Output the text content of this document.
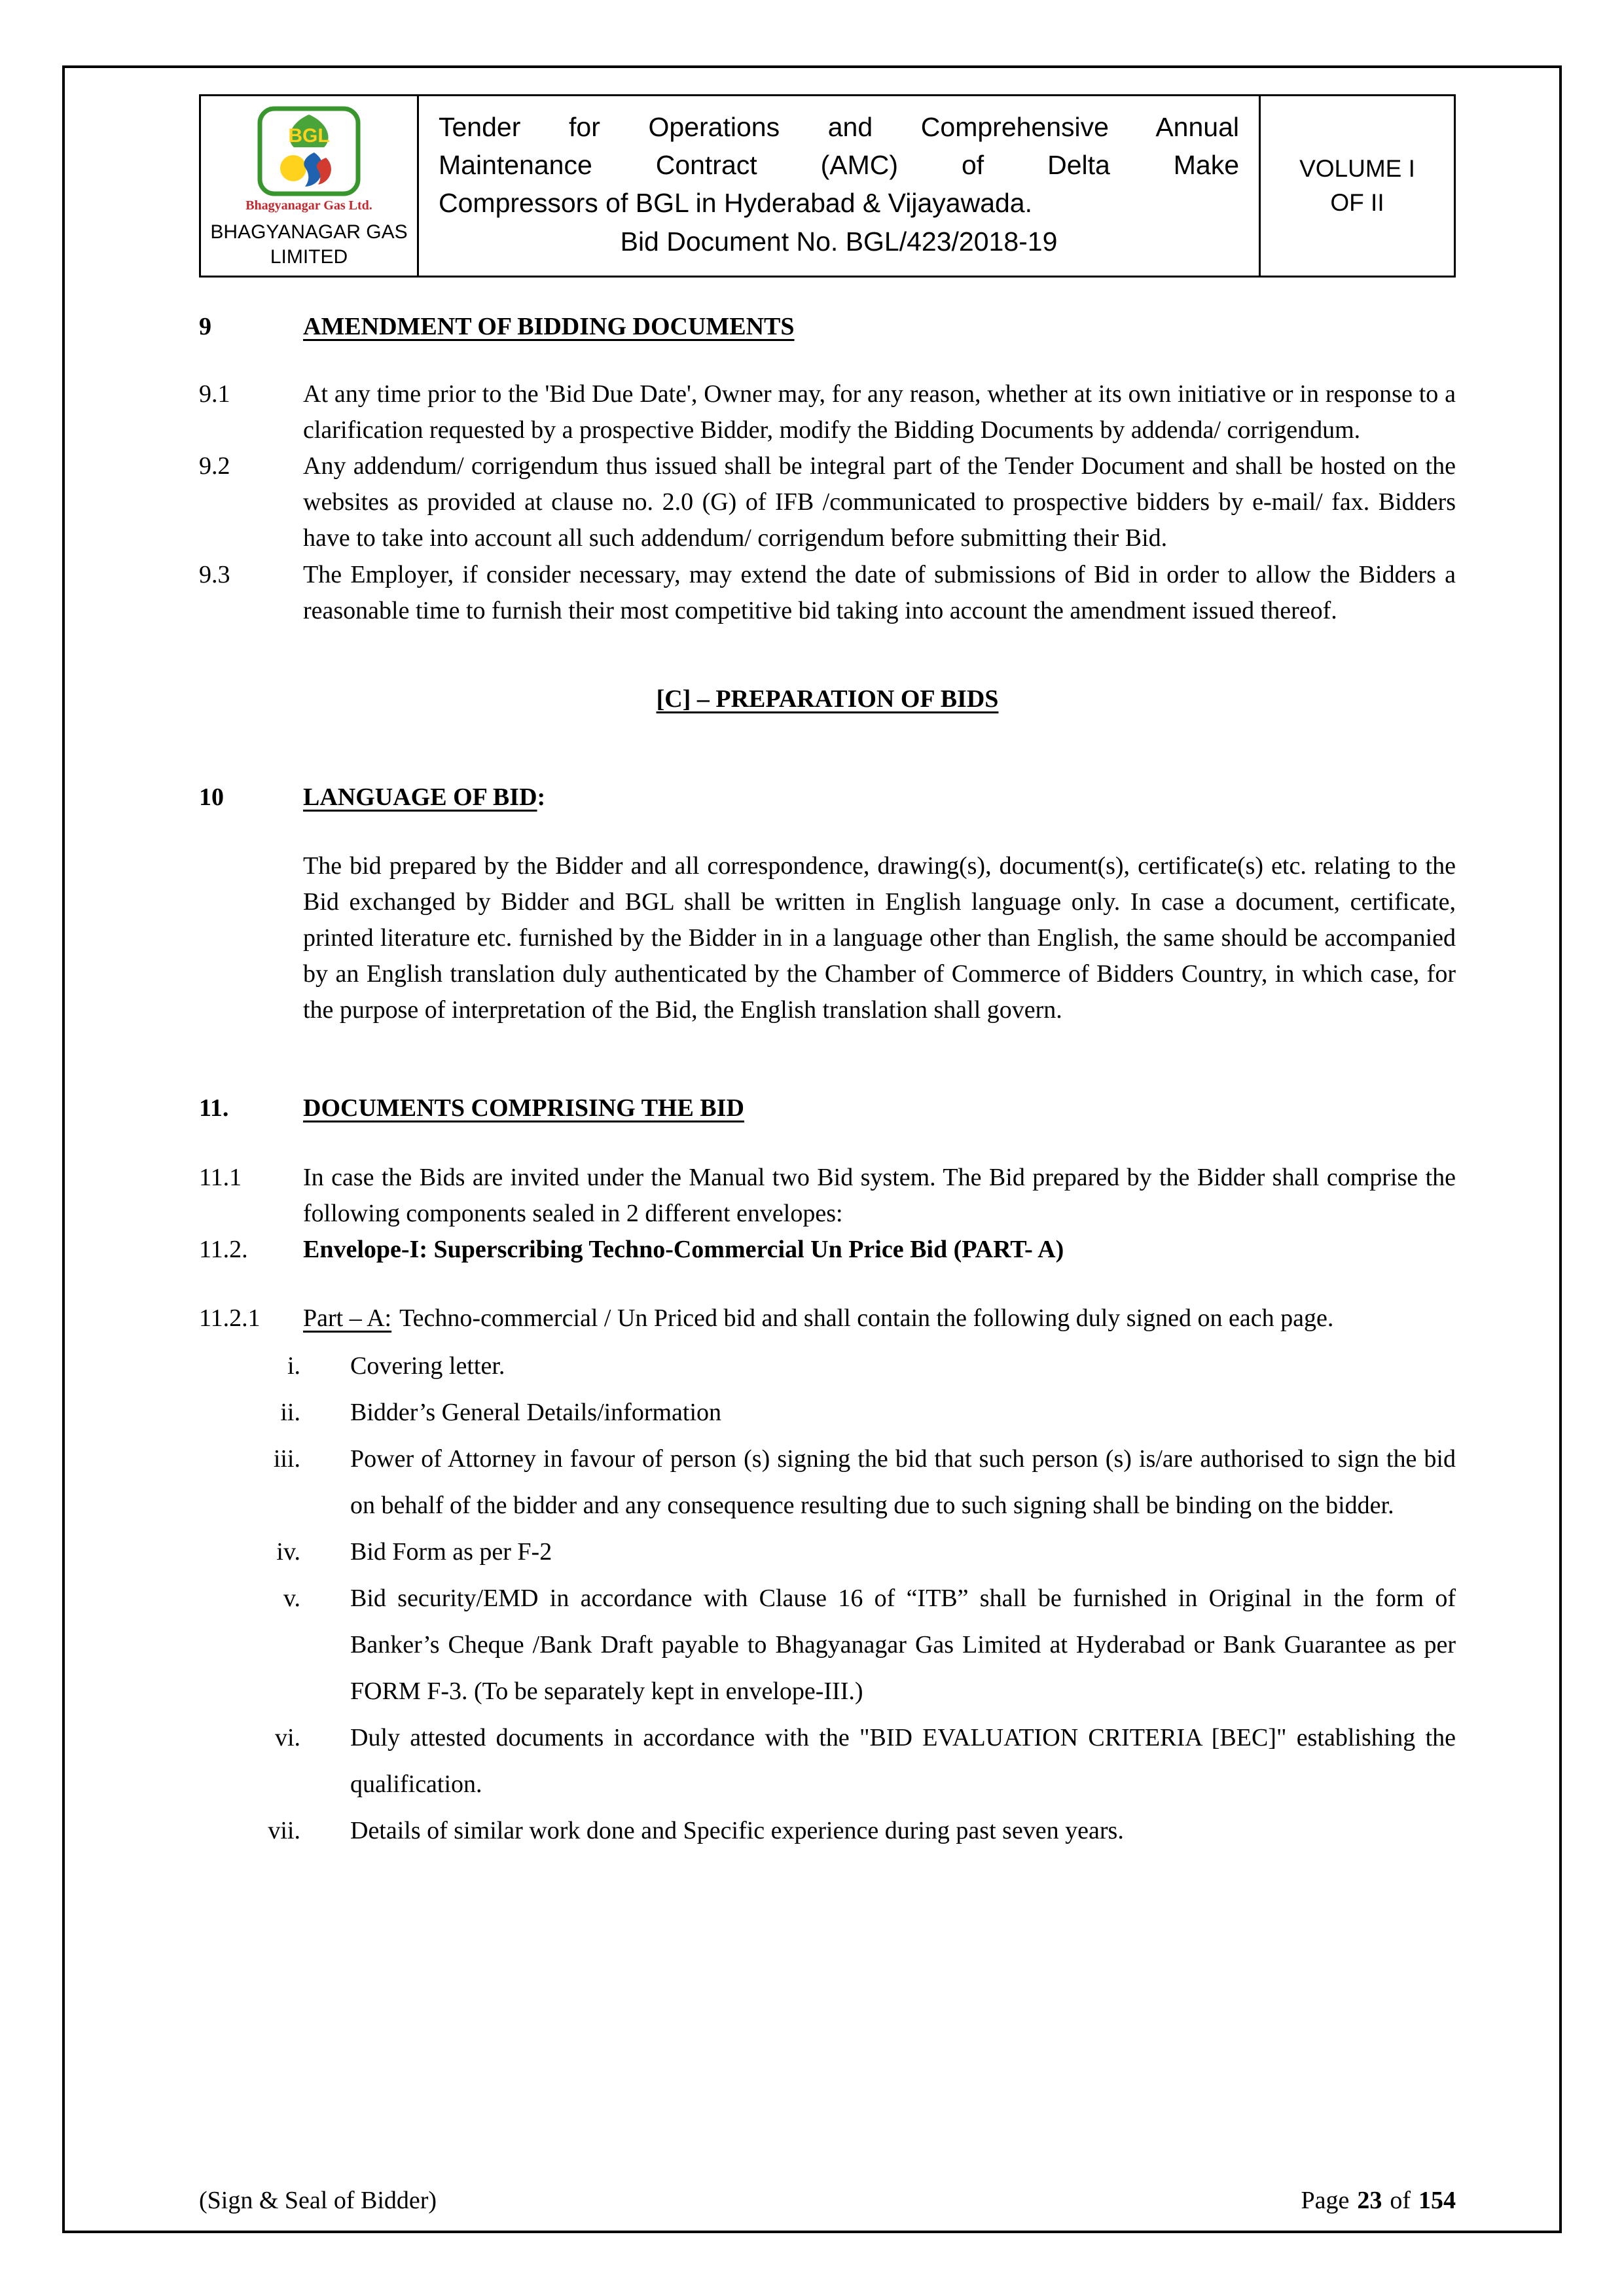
BGL
Bhagyanagar Gas Ltd.
BHAGYANAGAR GAS
LIMITED
Tender for Operations and Comprehensive Annual
Maintenance Contract (AMC) of Delta Make
Compressors of BGL in Hyderabad & Vijayawada.
Bid Document No. BGL/423/2018-19
VOLUME I
OF II
9	AMENDMENT OF BIDDING DOCUMENTS
9.1	At any time prior to the 'Bid Due Date', Owner may, for any reason, whether at its own initiative or in response to a clarification requested by a prospective Bidder, modify the Bidding Documents by addenda/ corrigendum.
9.2	Any addendum/ corrigendum thus issued shall be integral part of the Tender Document and shall be hosted on the websites as provided at clause no. 2.0 (G) of IFB /communicated to prospective bidders by e-mail/ fax. Bidders have to take into account all such addendum/ corrigendum before submitting their Bid.
9.3	The Employer, if consider necessary, may extend the date of submissions of Bid in order to allow the Bidders a reasonable time to furnish their most competitive bid taking into account the amendment issued thereof.
[C] – PREPARATION OF BIDS
10	LANGUAGE OF BID:
The bid prepared by the Bidder and all correspondence, drawing(s), document(s), certificate(s) etc. relating to the Bid exchanged by Bidder and BGL shall be written in English language only. In case a document, certificate, printed literature etc. furnished by the Bidder in in a language other than English, the same should be accompanied by an English translation duly authenticated by the Chamber of Commerce of Bidders Country, in which case, for the purpose of interpretation of the Bid, the English translation shall govern.
11.	DOCUMENTS COMPRISING THE BID
11.1	In case the Bids are invited under the Manual two Bid system. The Bid prepared by the Bidder shall comprise the following components sealed in 2 different envelopes:
11.2.	Envelope-I: Superscribing Techno-Commercial Un Price Bid (PART- A)
11.2.1	Part – A: Techno-commercial / Un Priced bid and shall contain the following duly signed on each page.
i. Covering letter.
ii. Bidder’s General Details/information
iii. Power of Attorney in favour of person (s) signing the bid that such person (s) is/are authorised to sign the bid on behalf of the bidder and any consequence resulting due to such signing shall be binding on the bidder.
iv. Bid Form as per F-2
v. Bid security/EMD in accordance with Clause 16 of “ITB” shall be furnished in Original in the form of Banker’s Cheque /Bank Draft payable to Bhagyanagar Gas Limited at Hyderabad or Bank Guarantee as per FORM F-3. (To be separately kept in envelope-III.)
vi. Duly attested documents in accordance with the "BID EVALUATION CRITERIA [BEC]" establishing the qualification.
vii. Details of similar work done and Specific experience during past seven years.
(Sign & Seal of Bidder)	Page 23 of 154
